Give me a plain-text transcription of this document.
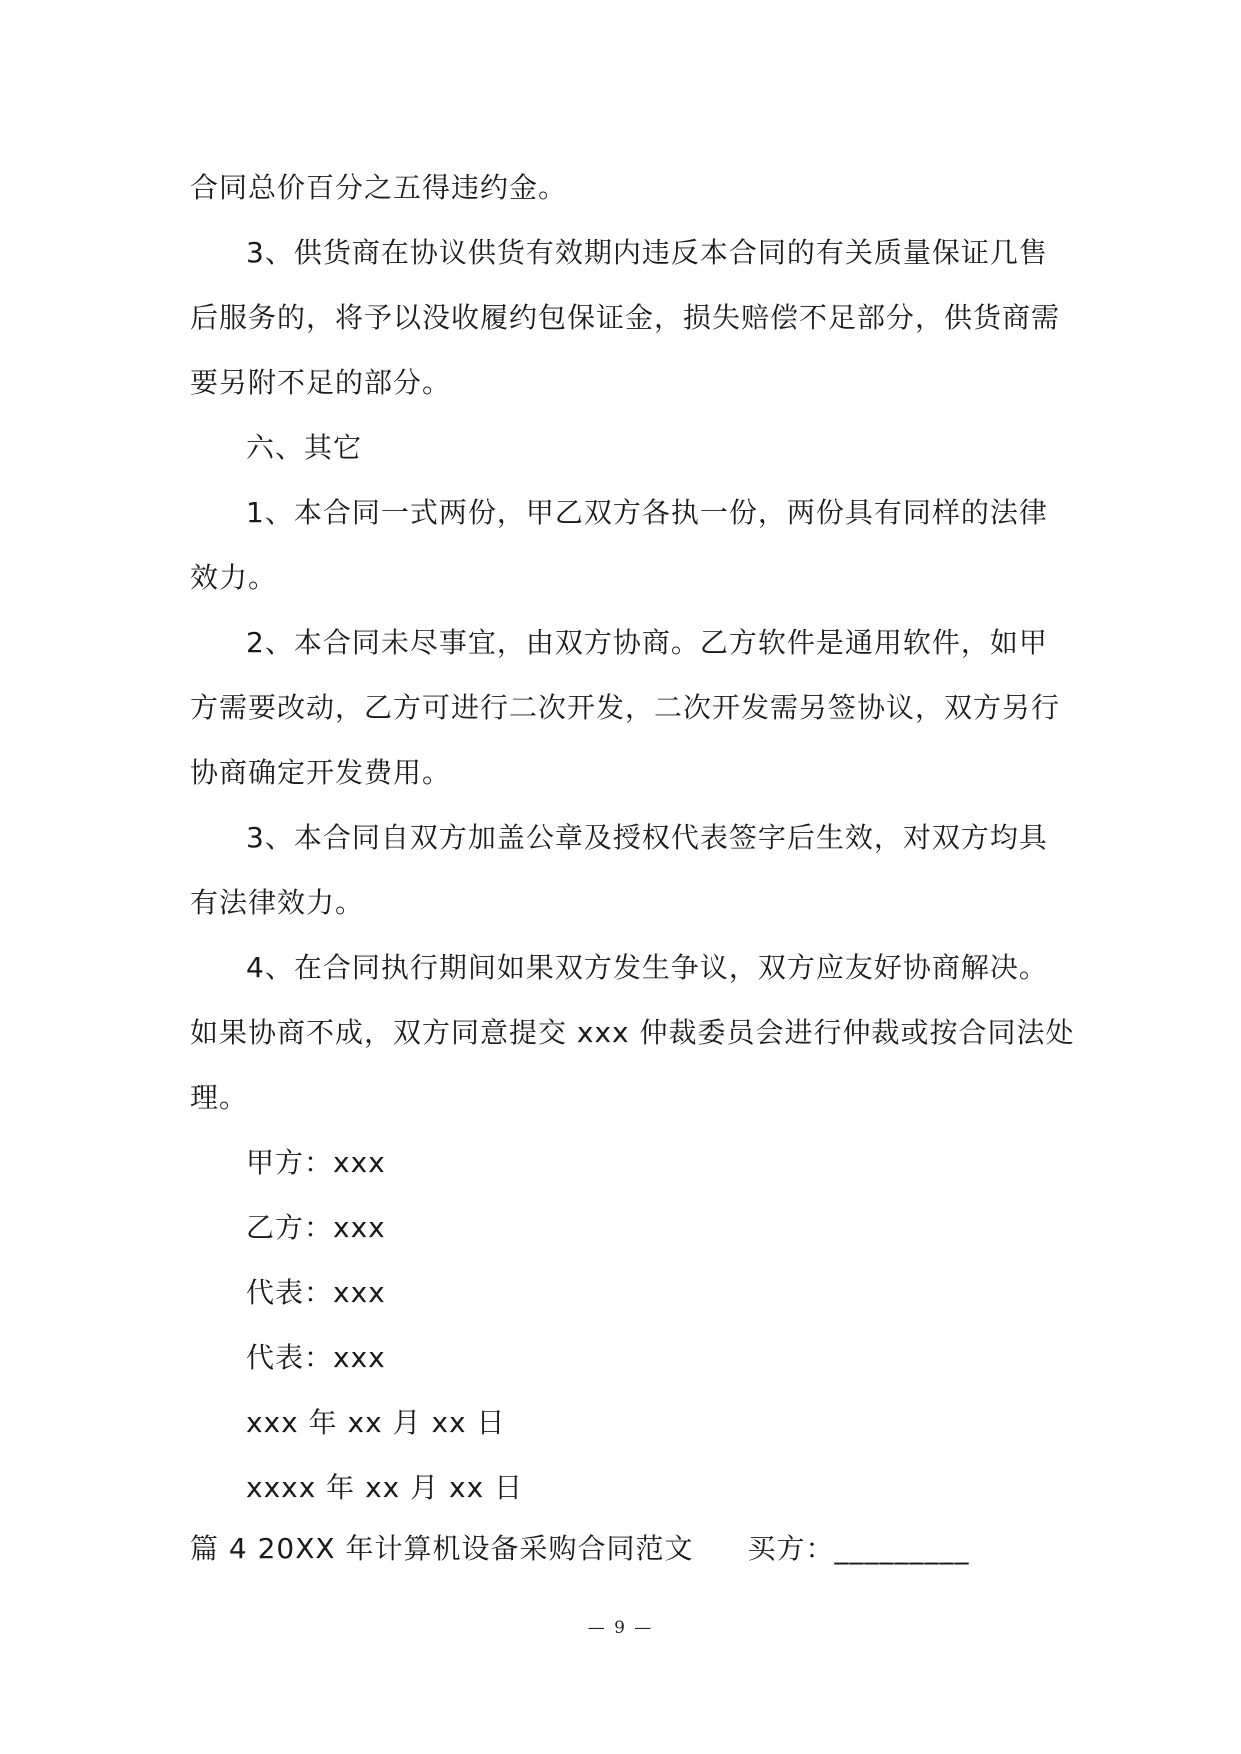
合同总价百分之五得违约金。
3、供货商在协议供货有效期内违反本合同的有关质量保证几售
后服务的，将予以没收履约包保证金，损失赔偿不足部分，供货商需
要另附不足的部分。
六、其它
1、本合同一式两份，甲乙双方各执一份，两份具有同样的法律
效力。
2、本合同未尽事宜，由双方协商。乙方软件是通用软件，如甲
方需要改动，乙方可进行二次开发，二次开发需另签协议，双方另行
协商确定开发费用。
3、本合同自双方加盖公章及授权代表签字后生效，对双方均具
有法律效力。
4、在合同执行期间如果双方发生争议，双方应友好协商解决。
如果协商不成，双方同意提交 xxx 仲裁委员会进行仲裁或按合同法处
理。
甲方：xxx
乙方：xxx
代表：xxx
代表：xxx
xxx 年 xx 月 xx 日
xxxx 年 xx 月 xx 日
篇 4 20XX 年计算机设备采购合同范文 买方：_________
— 9 —
